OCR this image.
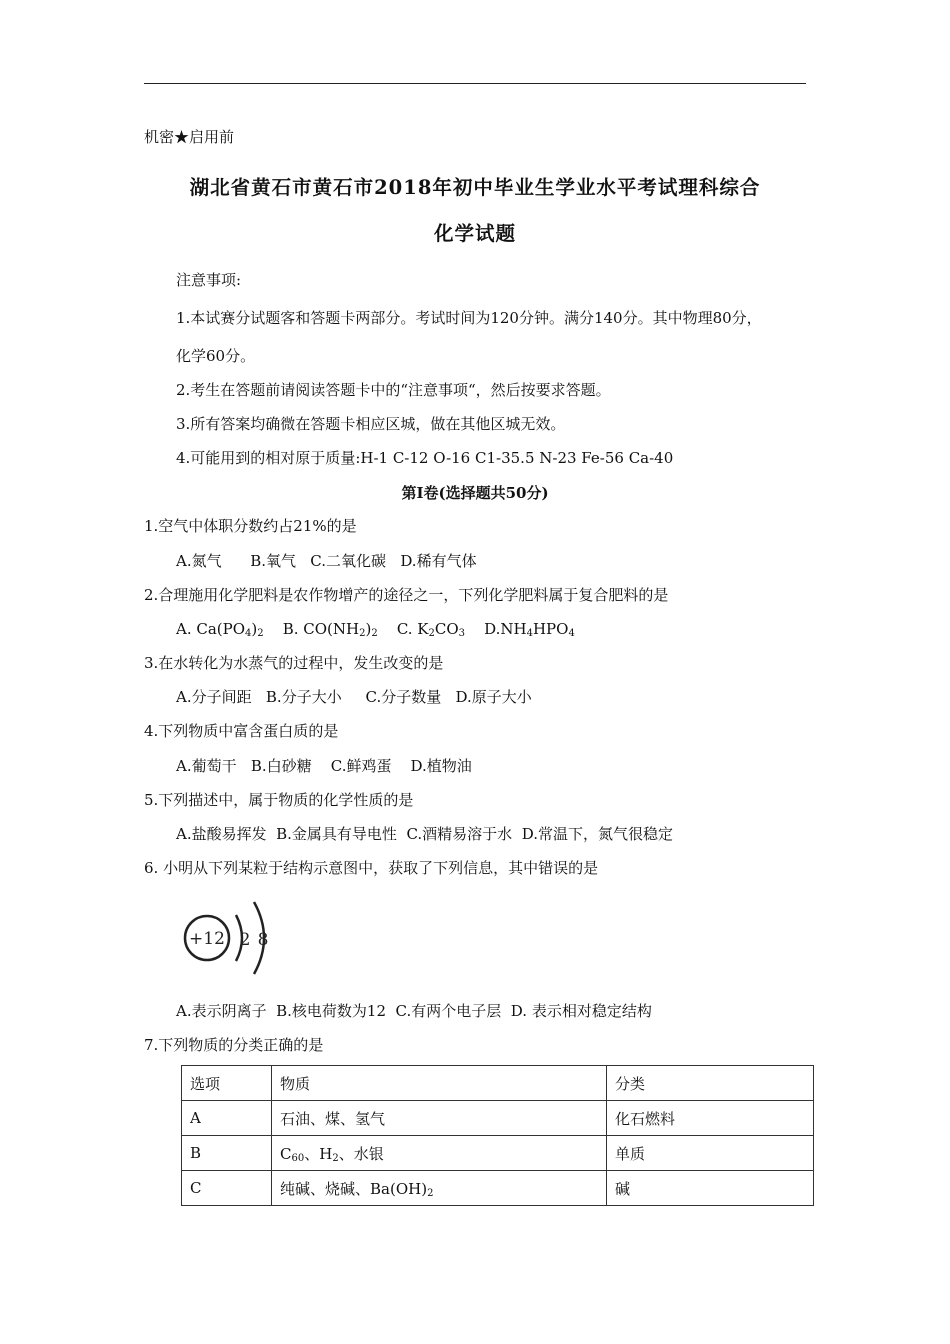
机密★启用前
湖北省黄石市黄石市2018年初中毕业生学业水平考试理科综合
化学试题
注意事项:
1.本试赛分试题客和答题卡两部分。考试时间为120分钟。满分140分。其中物理80分，
化学60分。
2.考生在答题前请阅读答题卡中的“注意事项“，然后按要求答题。
3.所有答案均确微在答题卡相应区城，做在其他区城无效。
4.可能用到的相对原于质量:H-1 C-12 O-16 C1-35.5 N-23 Fe-56 Ca-40
第I卷(选择题共50分)
1.空气中体职分数约占21%的是
A.氮气      B.氧气   C.二氧化碳   D.稀有气体
2.合理施用化学肥料是农作物增产的途径之一，下列化学肥料属于复合肥料的是
A. $Ca(PO_4)_2$ B. $CO(NH_2)_2$ C. $K_2CO_3$ $D.NH_4HPO_4$
3.在水转化为水蒸气的过程中，发生改变的是
A.分子间距   B.分子大小     C.分子数量   D.原子大小
4.下列物质中富含蛋白质的是
A.葡萄干   B.白砂糖    C.鲜鸡蛋    D.植物油
5.下列描述中，属于物质的化学性质的是
A.盐酸易挥发  B.金属具有导电性  C.酒精易溶于水  D.常温下，氮气很稳定
6. 小明从下列某粒于结构示意图中，获取了下列信息，其中错误的是
+12 2 8
A.表示阴离子  B.核电荷数为12  C.有两个电子层  D. 表示相对稳定结构
7.下列物质的分类正确的是
选项	物质	分类
A	石油、煤、氢气	化石燃料
B	$C_{60}$、$H_2$、水银	单质
C	纯碱、烧碱、$Ba(OH)_2$	碱
